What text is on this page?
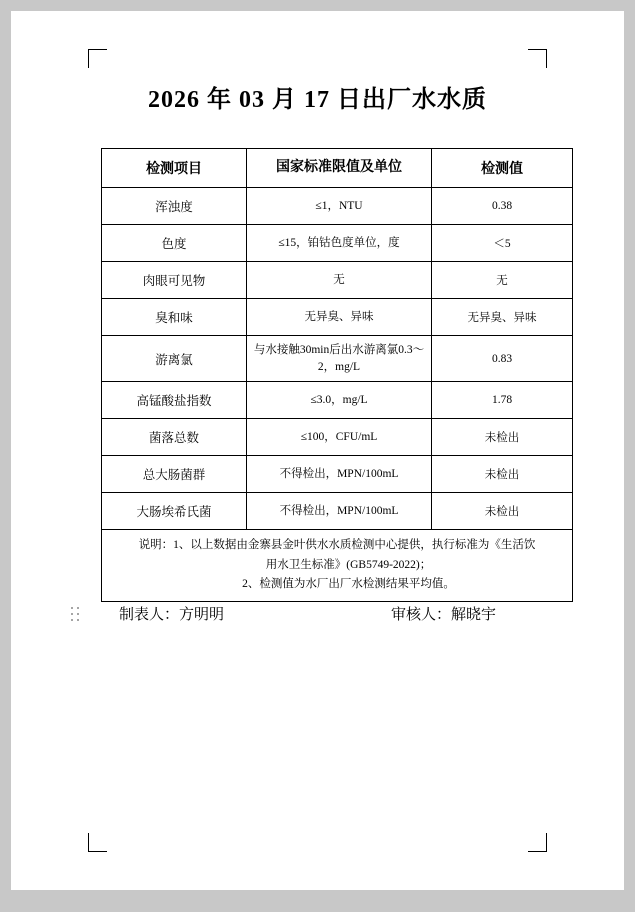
2026 年 03 月 17 日出厂水水质
检测项目	国家标准限值及单位	检测值
浑浊度	≤1，NTU	0.38
色度	≤15，铂钴色度单位，度	＜5
肉眼可见物	无	无
臭和味	无异臭、异味	无异臭、异味
游离氯	与水接触30min后出水游离氯0.3～2，mg/L	0.83
高锰酸盐指数	≤3.0，mg/L	1.78
菌落总数	≤100，CFU/mL	未检出
总大肠菌群	不得检出，MPN/100mL	未检出
大肠埃希氏菌	不得检出，MPN/100mL	未检出
说明：1、以上数据由金寨县金叶供水水质检测中心提供，执行标准为《生活饮
用水卫生标准》(GB5749-2022)；
2、检测值为水厂出厂水检测结果平均值。		
制表人：方明明	审核人：解晓宇
